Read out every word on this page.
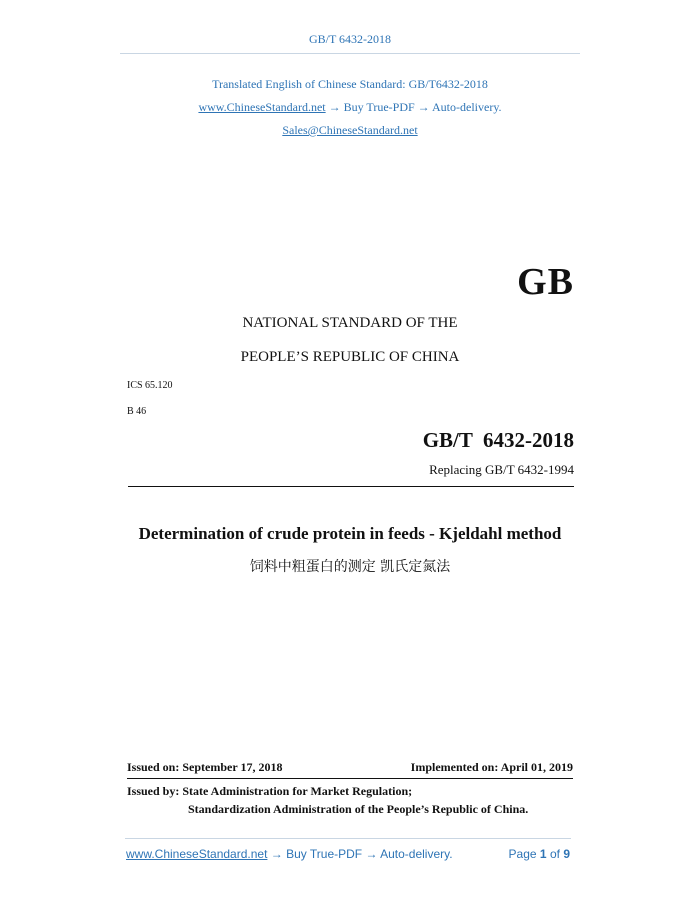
GB/T 6432-2018
Translated English of Chinese Standard: GB/T6432-2018
www.ChineseStandard.net → Buy True-PDF → Auto-delivery.
Sales@ChineseStandard.net
GB
NATIONAL STANDARD OF THE
PEOPLE’S REPUBLIC OF CHINA
ICS 65.120
B 46
GB/T  6432-2018
Replacing GB/T 6432-1994
Determination of crude protein in feeds - Kjeldahl method
饲料中粗蛋白的测定 凯氏定氮法
Issued on: September 17, 2018	Implemented on: April 01, 2019
Issued by: State Administration for Market Regulation;
Standardization Administration of the People’s Republic of China.
www.ChineseStandard.net → Buy True-PDF → Auto-delivery.	Page 1 of 9
